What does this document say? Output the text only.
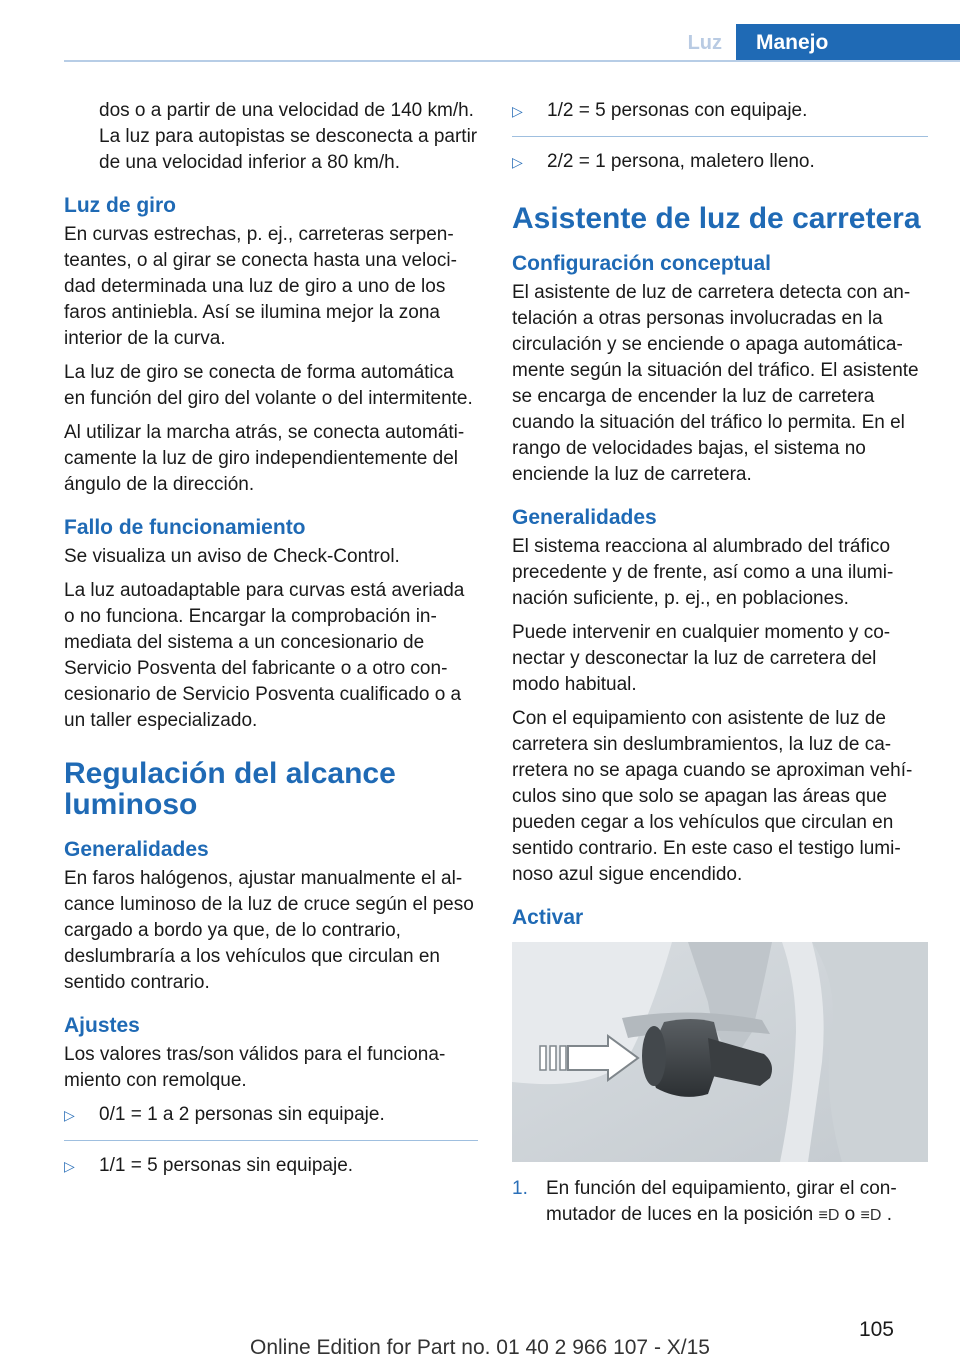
Luz	Manejo

dos o a partir de una velocidad de 140 km/h. La luz para autopistas se desconecta a partir de una velocidad inferior a 80 km/h.

Luz de giro

En curvas estrechas, p. ej., carreteras serpenteantes, o al girar se conecta hasta una velocidad determinada una luz de giro a uno de los faros antiniebla. Así se ilumina mejor la zona interior de la curva.

La luz de giro se conecta de forma automática en función del giro del volante o del intermitente.

Al utilizar la marcha atrás, se conecta automáticamente la luz de giro independientemente del ángulo de la dirección.

Fallo de funcionamiento

Se visualiza un aviso de Check-Control.

La luz autoadaptable para curvas está averiada o no funciona. Encargar la comprobación inmediata del sistema a un concesionario de Servicio Posventa del fabricante o a otro concesionario de Servicio Posventa cualificado o a un taller especializado.

Regulación del alcance luminoso
Generalidades

En faros halógenos, ajustar manualmente el alcance luminoso de la luz de cruce según el peso cargado a bordo ya que, de lo contrario, deslumbraría a los vehículos que circulan en sentido contrario.

Ajustes

Los valores tras/son válidos para el funcionamiento con remolque.

▷	0/1 = 1 a 2 personas sin equipaje.
▷	1/1 = 5 personas sin equipaje.
▷	1/2 = 5 personas con equipaje.
▷	2/2 = 1 persona, maletero lleno.
Asistente de luz de carretera
Configuración conceptual

El asistente de luz de carretera detecta con antelación a otras personas involucradas en la circulación y se enciende o apaga automáticamente según la situación del tráfico. El asistente se encarga de encender la luz de carretera cuando la situación del tráfico lo permita. En el rango de velocidades bajas, el sistema no enciende la luz de carretera.

Generalidades

El sistema reacciona al alumbrado del tráfico precedente y de frente, así como a una iluminación suficiente, p. ej., en poblaciones.

Puede intervenir en cualquier momento y conectar y desconectar la luz de carretera del modo habitual.

Con el equipamiento con asistente de luz de carretera sin deslumbramientos, la luz de carretera no se apaga cuando se aproximan vehículos sino que solo se apagan las áreas que pueden cegar a los vehículos que circulan en sentido contrario. En este caso el testigo luminoso azul sigue encendido.

Activar
1. En función del equipamiento, girar el conmutador de luces en la posición ≡D o ≡D .
105
Online Edition for Part no. 01 40 2 966 107 - X/15
